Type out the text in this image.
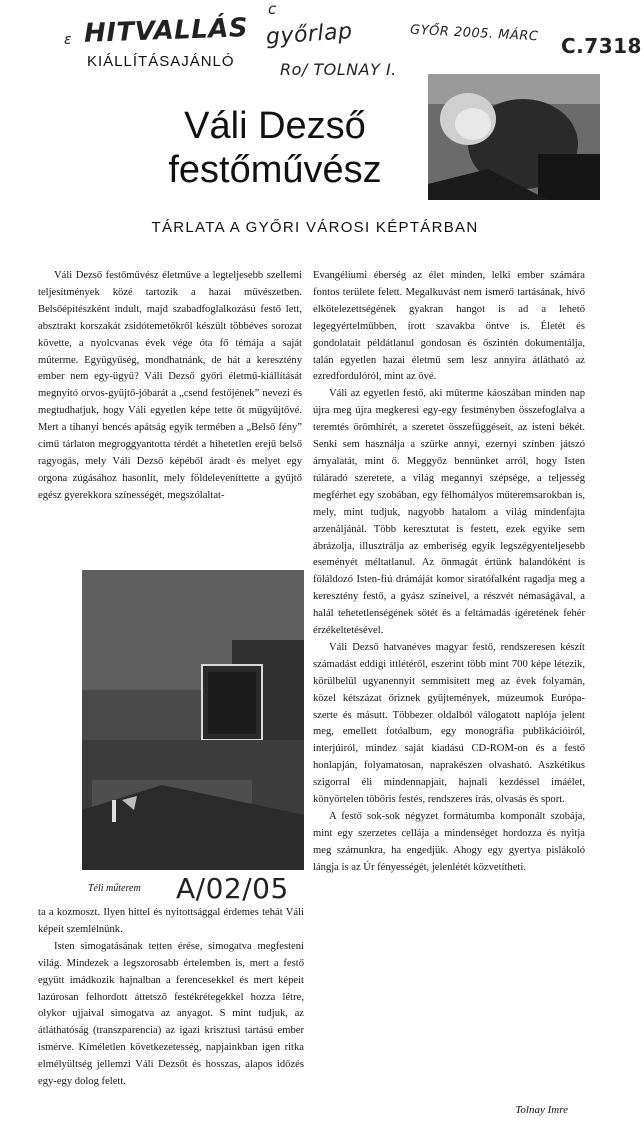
ε HITVALLÁS
c
győrlap	GYŐR 2005. MÁRC
C.7318
Ro/ TOLNAY I.
KIÁLLÍTÁSAJÁNLÓ
Váli Dezső
festőművész
TÁRLATA A GYŐRI VÁROSI KÉPTÁRBAN

Váli Dezső festőművész életműve a legteljesebb szellemi teljesítmények közé tartozik a hazai művészetben. Belsőépítészként indult, majd szabadfoglalkozású festő lett, absztrakt korszakát zsidótemetőkről készült többéves sorozat követte, a nyolcvanas évek vége óta fő témája a saját műterme. Együgyűség, mondhatnánk, de hát a keresztény ember nem egy-ügyű? Váli Dezső győri életmű-kiállítását megnyitó orvos-gyűjtő-jóbarát a „csend festőjének” nevezi és megtudhatjuk, hogy Váli egyetlen képe tette őt műgyűjtővé. Mert a tihanyi bencés apátság egyik termében a „Belső fény” című tárlaton megroggyantotta térdét a hihetetlen erejű belső ragyogás, mely Váli Dezső képéből áradt és melyet egy orgona zúgásához hasonlít, mely földeleveníttette a gyűjtő egész gyerekkora színességét, megszólaltat-

Evangéliumi éberség az élet minden, lelki ember számára fontos területe felett. Megalkuvást nem ismerő tartásának, hívő elkötelezettségének gyakran hangot is ad a lehető legegyértelműbben, írott szavakba öntve is. Életét és gondolatait példátlanul gondosan és őszintén dokumentálja, talán egyetlen hazai életmű sem lesz annyira átlátható az ezredfordulóról, mint az övé.

Váli az egyetlen festő, aki műterme káoszában minden nap újra meg újra megkeresi egy-egy festményben összefoglalva a teremtés örömhírét, a szeretet összefüggéseit, az isteni békét. Senki sem használja a szürke annyi, ezernyi színben játszó árnyalatát, mint ő. Meggyőz bennünket arról, hogy Isten túláradó szeretete, a világ megannyi szépsége, a teljesség megférhet egy szobában, egy félhomályos műteremsarokban is, mely, mint tudjuk, nagyobb hatalom a világ mindenfajta arzenáljánál. Több keresztutat is festett, ezek egyike sem ábrázolja, illusztrálja az emberiség egyik legszégyenteljesebb eseményét méltatlanul. Az önmagát értünk halandóként is föláldozó Isten-fiú drámáját komor siratófalként ragadja meg a keresztény festő, a gyász színeivel, a részvét némaságával, a halál tehetetlenségének sötét és a feltámadás ígéretének fehér érzékeltetésével.

Váli Dezső hatvanéves magyar festő, rendszeresen készít számadást eddigi ittlétéről, eszerint több mint 700 képe létezik, körülbelül ugyanennyit semmisített meg az évek folyamán, közel kétszázat őriznek gyűjtemények, múzeumok Európa-szerte és másutt. Többezer oldalból válogatott naplója jelent meg, emellett fotóalbum, egy monográfia publikációiról, interjúiról, mindez saját kiadású CD-ROM-on és a festő honlapján, folyamatosan, naprakészen olvasható. Aszkétikus szigorral éli mindennapjait, hajnali kezdéssel imáélet, könyörtelen töböris festés, rendszeres írás, olvasás és sport.

A festő sok-sok négyzet formátumba komponált szobája, mint egy szerzetes cellája a mindenséget hordozza és nyitja meg számunkra, ha engedjük. Ahogy egy gyertya pislákoló lángja is az Úr fényességét, jelenlétét közvetítheti.

Téli műterem

ta a kozmoszt. Ilyen hittel és nyitottsággal érdemes tehát Váli képeit szemlélnünk.

Isten simogatásának tetten érése, simogatva megfesteni világ. Mindezek a legszorosabb értelemben is, mert a festő együtt imádkozik hajnalban a ferencesekkel és mert képeit lazúrosan felhordott áttetsző festékrétegekkel hozza létre, olykor ujjaival simogatva az anyagot. S mint tudjuk, az átláthatóság (transzparencia) az igazi krisztusi tartású ember ismérve. Kíméletlen következetesség, napjainkban igen ritka elmélyültség jellemzi Váli Dezsőt és hosszas, alapos időzés egy-egy dolog felett.

A/02/05
Tolnay Imre
